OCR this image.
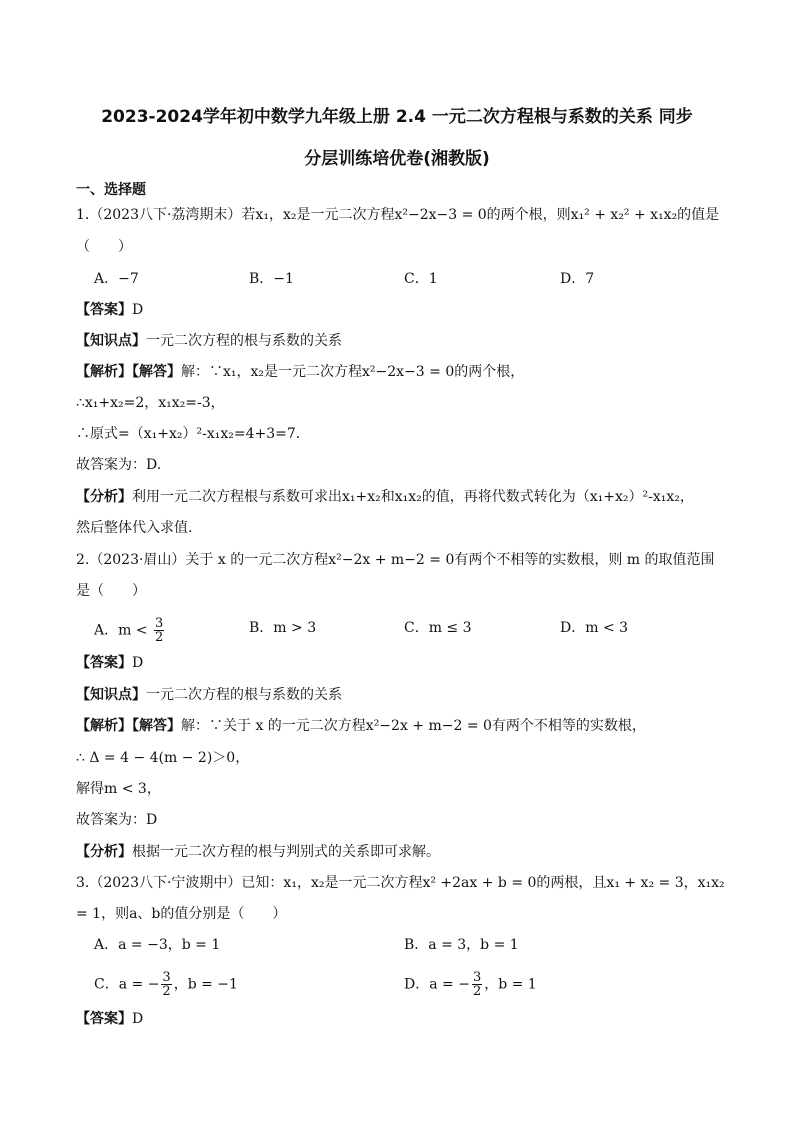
2023-2024学年初中数学九年级上册 2.4 一元二次方程根与系数的关系 同步
分层训练培优卷(湘教版)
一、选择题
1.（2023八下·荔湾期末）若x₁，x₂是一元二次方程x²−2x−3 = 0的两个根，则x₁² + x₂² + x₁x₂的值是
（　　）
A．−7	B．−1	C．1	D．7
【答案】D
【知识点】一元二次方程的根与系数的关系
【解析】【解答】解：∵x₁，x₂是一元二次方程x²−2x−3 = 0的两个根，
∴x₁+x₂=2，x₁x₂=-3，
∴原式=（x₁+x₂）²-x₁x₂=4+3=7.
故答案为：D.
【分析】利用一元二次方程根与系数可求出x₁+x₂和x₁x₂的值，再将代数式转化为（x₁+x₂）²-x₁x₂，
然后整体代入求值.
2.（2023·眉山）关于 x 的一元二次方程x²−2x + m−2 = 0有两个不相等的实数根，则 m 的取值范围
是（　　）
A．$m < \frac{3}{2}$	B．m > 3	C．m ≤ 3	D．m < 3
【答案】D
【知识点】一元二次方程的根与系数的关系
【解析】【解答】解：∵关于 x 的一元二次方程x²−2x + m−2 = 0有两个不相等的实数根，
∴ Δ = 4 − 4(m − 2)＞0，
解得m < 3，
故答案为：D
【分析】根据一元二次方程的根与判别式的关系即可求解。
3.（2023八下·宁波期中）已知：x₁，x₂是一元二次方程x² +2ax + b = 0的两根，且x₁ + x₂ = 3，x₁x₂
= 1，则a、b的值分别是（　　）
A．a = −3，b = 1	B．a = 3，b = 1
C．a = − $\frac{3}{2}$ ，b = −1	D．a = − $\frac{3}{2}$ ，b = 1
【答案】D
